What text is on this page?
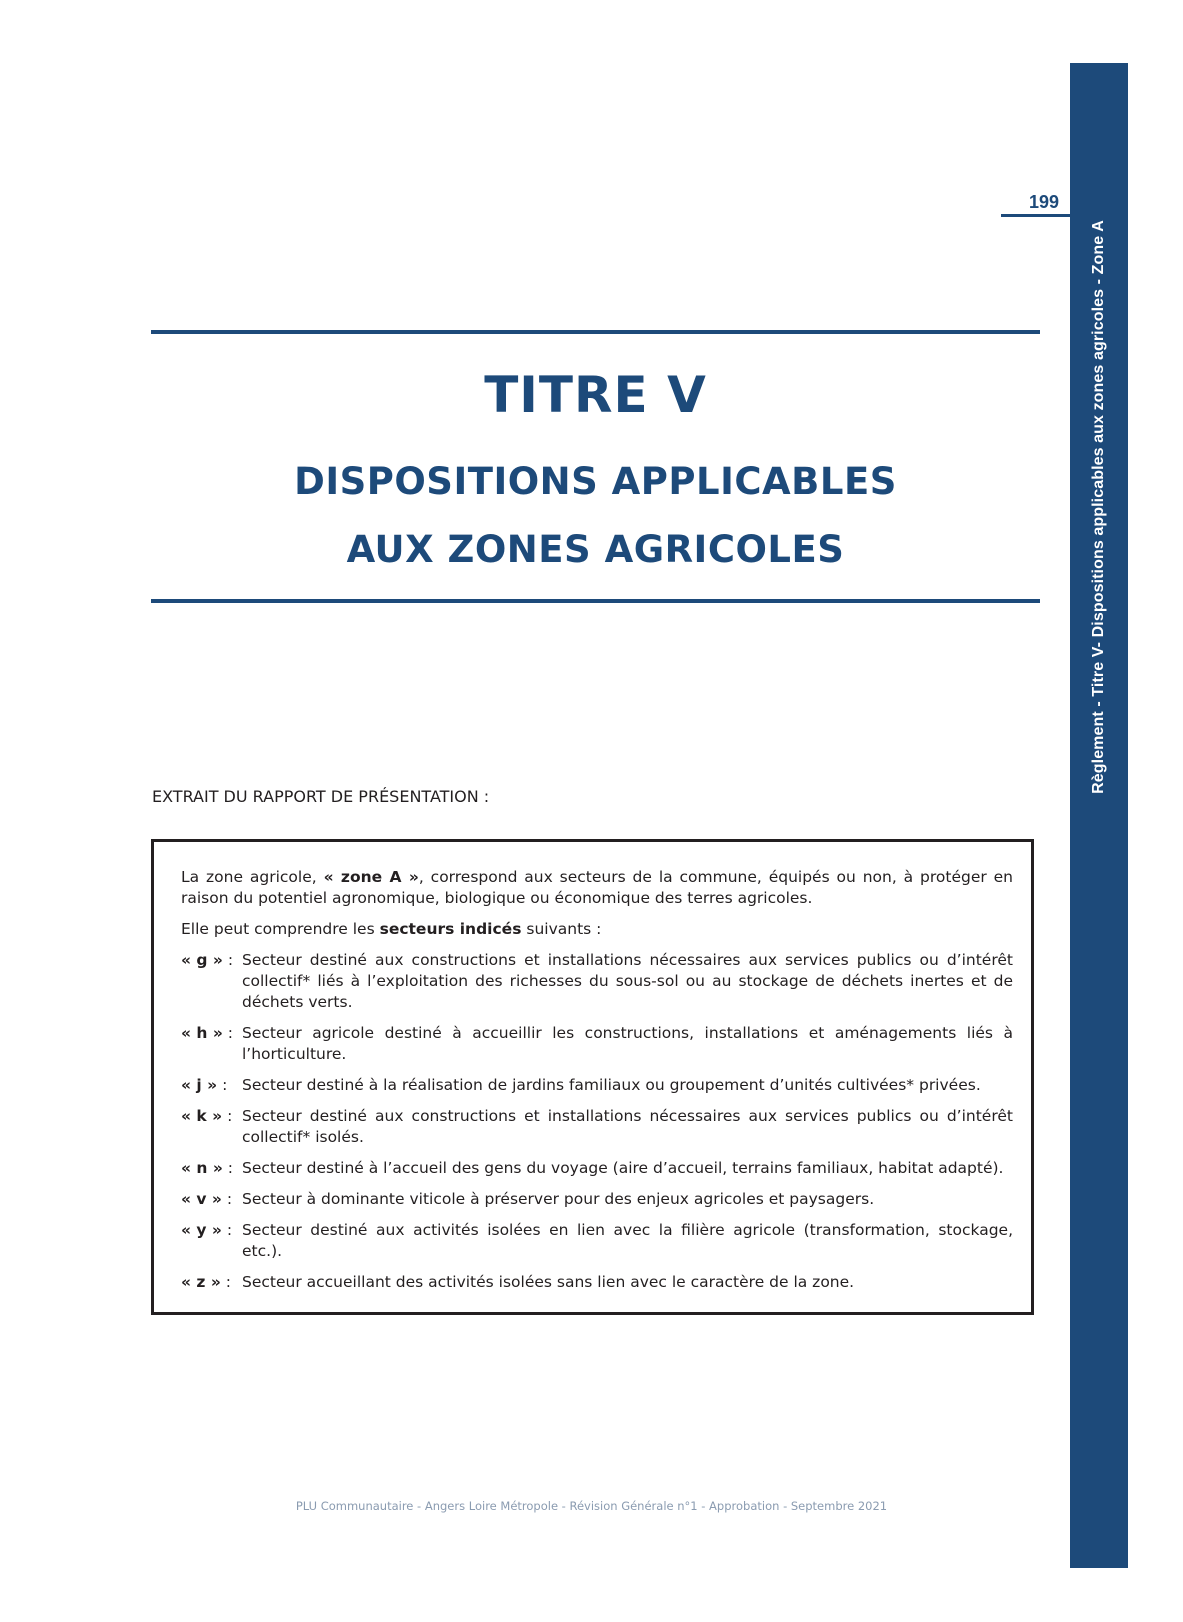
Règlement - Titre V- Dispositions applicables aux zones agricoles - Zone A
199
TITRE V
DISPOSITIONS APPLICABLES
AUX ZONES AGRICOLES
EXTRAIT DU RAPPORT DE PRÉSENTATION :

La zone agricole, « zone A », correspond aux secteurs de la commune, équipés ou non, à protéger en raison du potentiel agronomique, biologique ou économique des terres agricoles.

Elle peut comprendre les secteurs indicés suivants :

« g » : Secteur destiné aux constructions et installations nécessaires aux services publics ou d’intérêt collectif* liés à l’exploitation des richesses du sous-sol ou au stockage de déchets inertes et de déchets verts.
« h » : Secteur agricole destiné à accueillir les constructions, installations et aménagements liés à l’horticulture.
« j » : Secteur destiné à la réalisation de jardins familiaux ou groupement d’unités cultivées* privées.
« k » : Secteur destiné aux constructions et installations nécessaires aux services publics ou d’intérêt collectif* isolés.
« n » : Secteur destiné à l’accueil des gens du voyage (aire d’accueil, terrains familiaux, habitat adapté).
« v » : Secteur à dominante viticole à préserver pour des enjeux agricoles et paysagers.
« y » : Secteur destiné aux activités isolées en lien avec la filière agricole (transformation, stockage, etc.).
« z » : Secteur accueillant des activités isolées sans lien avec le caractère de la zone.
PLU Communautaire - Angers Loire Métropole - Révision Générale n°1 - Approbation - Septembre 2021
